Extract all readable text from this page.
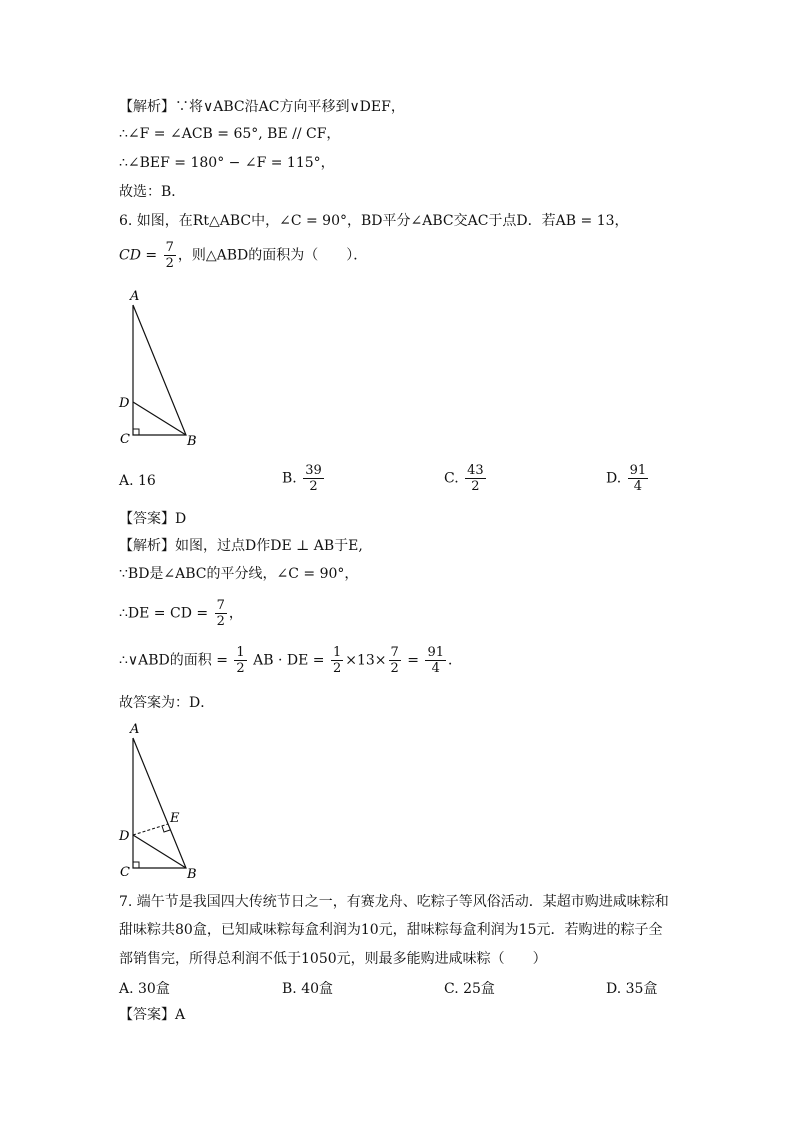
【解析】∵将∨ABC沿AC方向平移到∨DEF，
∴∠F = ∠ACB = 65°, BE // CF，
∴∠BEF = 180° − ∠F = 115°，
故选：B．
6. 如图，在Rt△ABC中，∠C = 90°，BD平分∠ABC交AC于点D．若AB = 13，
CD = $\frac{7}{2}$ ，则△ABD的面积为（　　）．
A
D
C	B
A. 16	B. $\frac{39}{2}$	C. $\frac{43}{2}$	D. $\frac{91}{4}$
【答案】D
【解析】如图，过点D作DE ⊥ AB于E,
∵BD是∠ABC的平分线，∠C = 90°，
∴DE = CD = $\frac{7}{2}$ ，
∴∨ABD的面积 = $\frac{1}{2}$ AB · DE = $\frac{1}{2} \times 13\times \frac{7}{2} = \frac{91}{4}$ ．
故答案为：D．
A
E
D
C	B
7. 端午节是我国四大传统节日之一，有赛龙舟、吃粽子等风俗活动．某超市购进咸味粽和
甜味粽共80盒，已知咸味粽每盒利润为10元，甜味粽每盒利润为15元．若购进的粽子全
部销售完，所得总利润不低于1050元，则最多能购进咸味粽（　　）
A. 30盒	B. 40盒	C. 25盒	D. 35盒
【答案】A
